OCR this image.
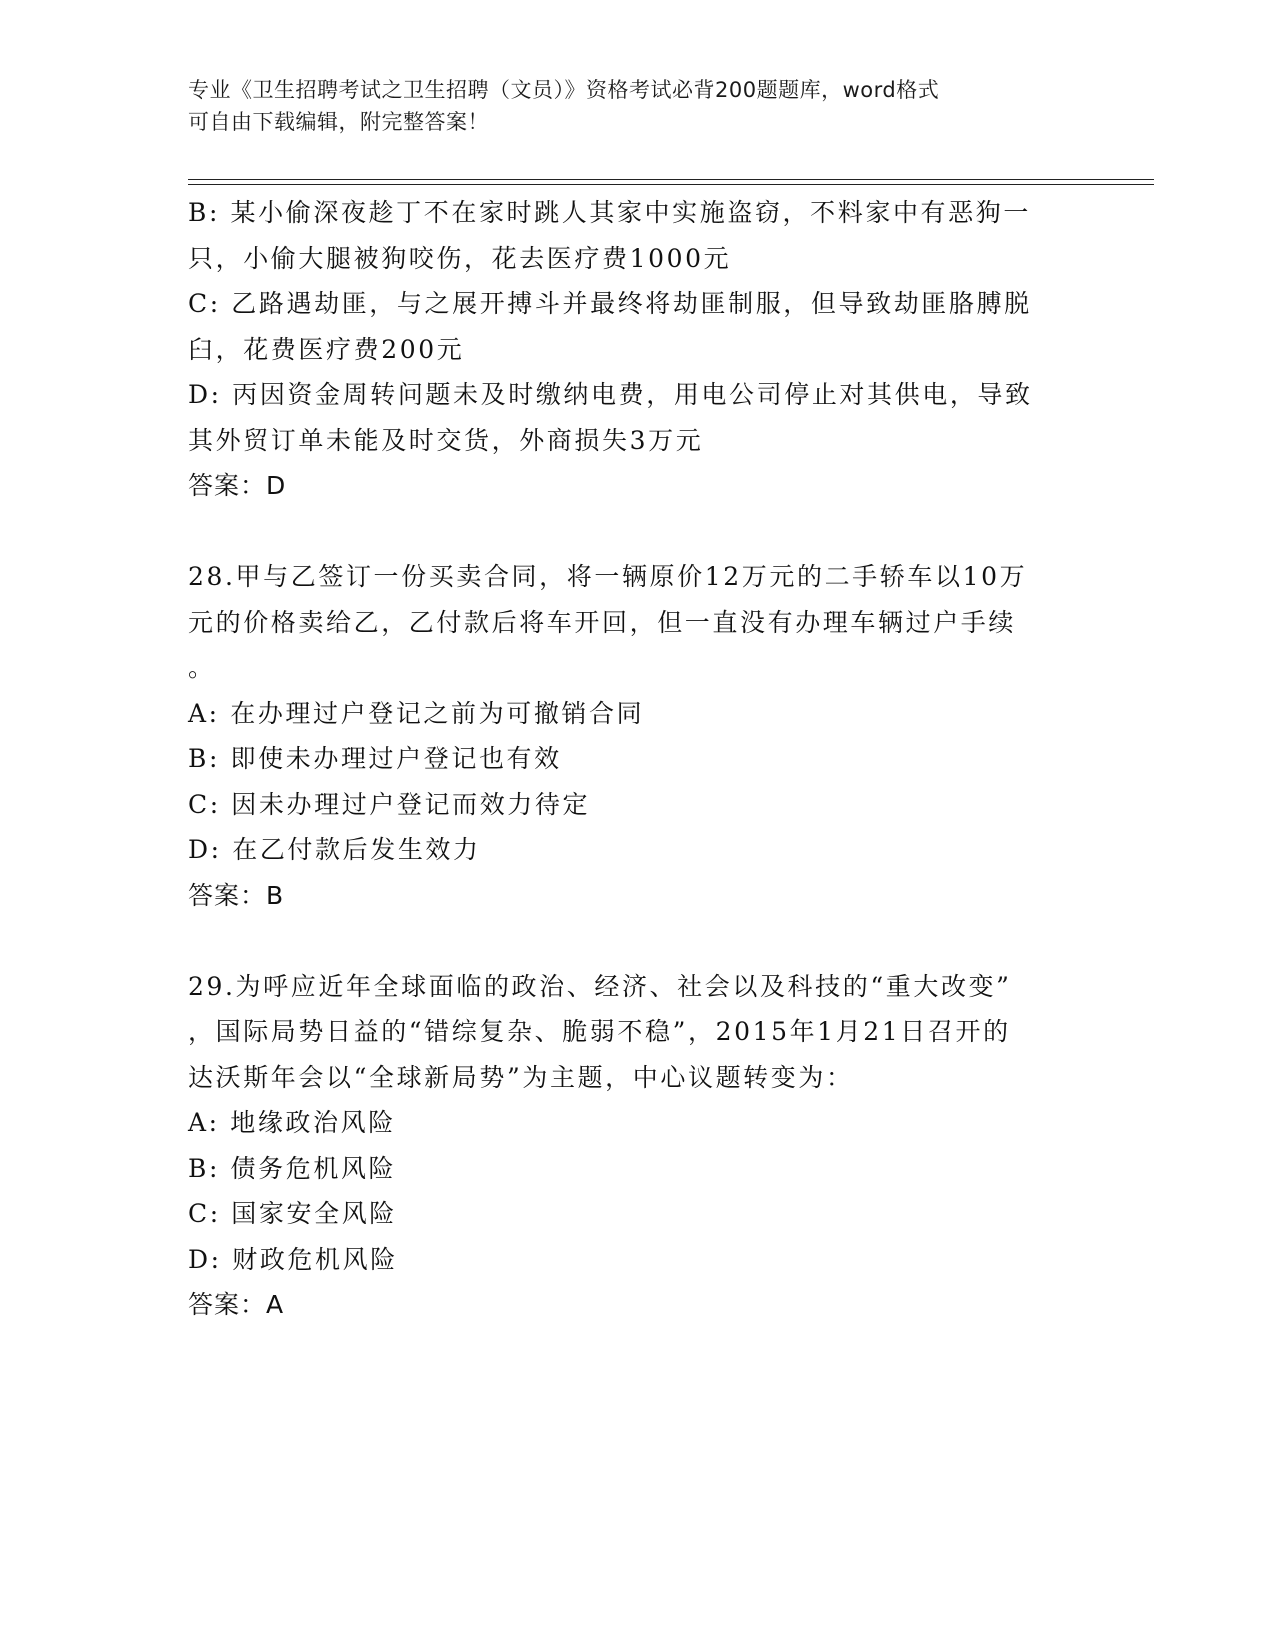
专业《卫生招聘考试之卫生招聘（文员）》资格考试必背200题题库，word格式
可自由下载编辑，附完整答案！
B: 某小偷深夜趁丁不在家时跳人其家中实施盗窃，不料家中有恶狗一
只，小偷大腿被狗咬伤，花去医疗费1000元
C: 乙路遇劫匪，与之展开搏斗并最终将劫匪制服，但导致劫匪胳膊脱
臼，花费医疗费200元
D: 丙因资金周转问题未及时缴纳电费，用电公司停止对其供电，导致
其外贸订单未能及时交货，外商损失3万元
答案：D
28.甲与乙签订一份买卖合同，将一辆原价12万元的二手轿车以10万
元的价格卖给乙，乙付款后将车开回，但一直没有办理车辆过户手续
。
A: 在办理过户登记之前为可撤销合同
B: 即使未办理过户登记也有效
C: 因未办理过户登记而效力待定
D: 在乙付款后发生效力
答案：B
29.为呼应近年全球面临的政治、经济、社会以及科技的“重大改变”
，国际局势日益的“错综复杂、脆弱不稳”，2015年1月21日召开的
达沃斯年会以“全球新局势”为主题，中心议题转变为：
A: 地缘政治风险
B: 债务危机风险
C: 国家安全风险
D: 财政危机风险
答案：A
